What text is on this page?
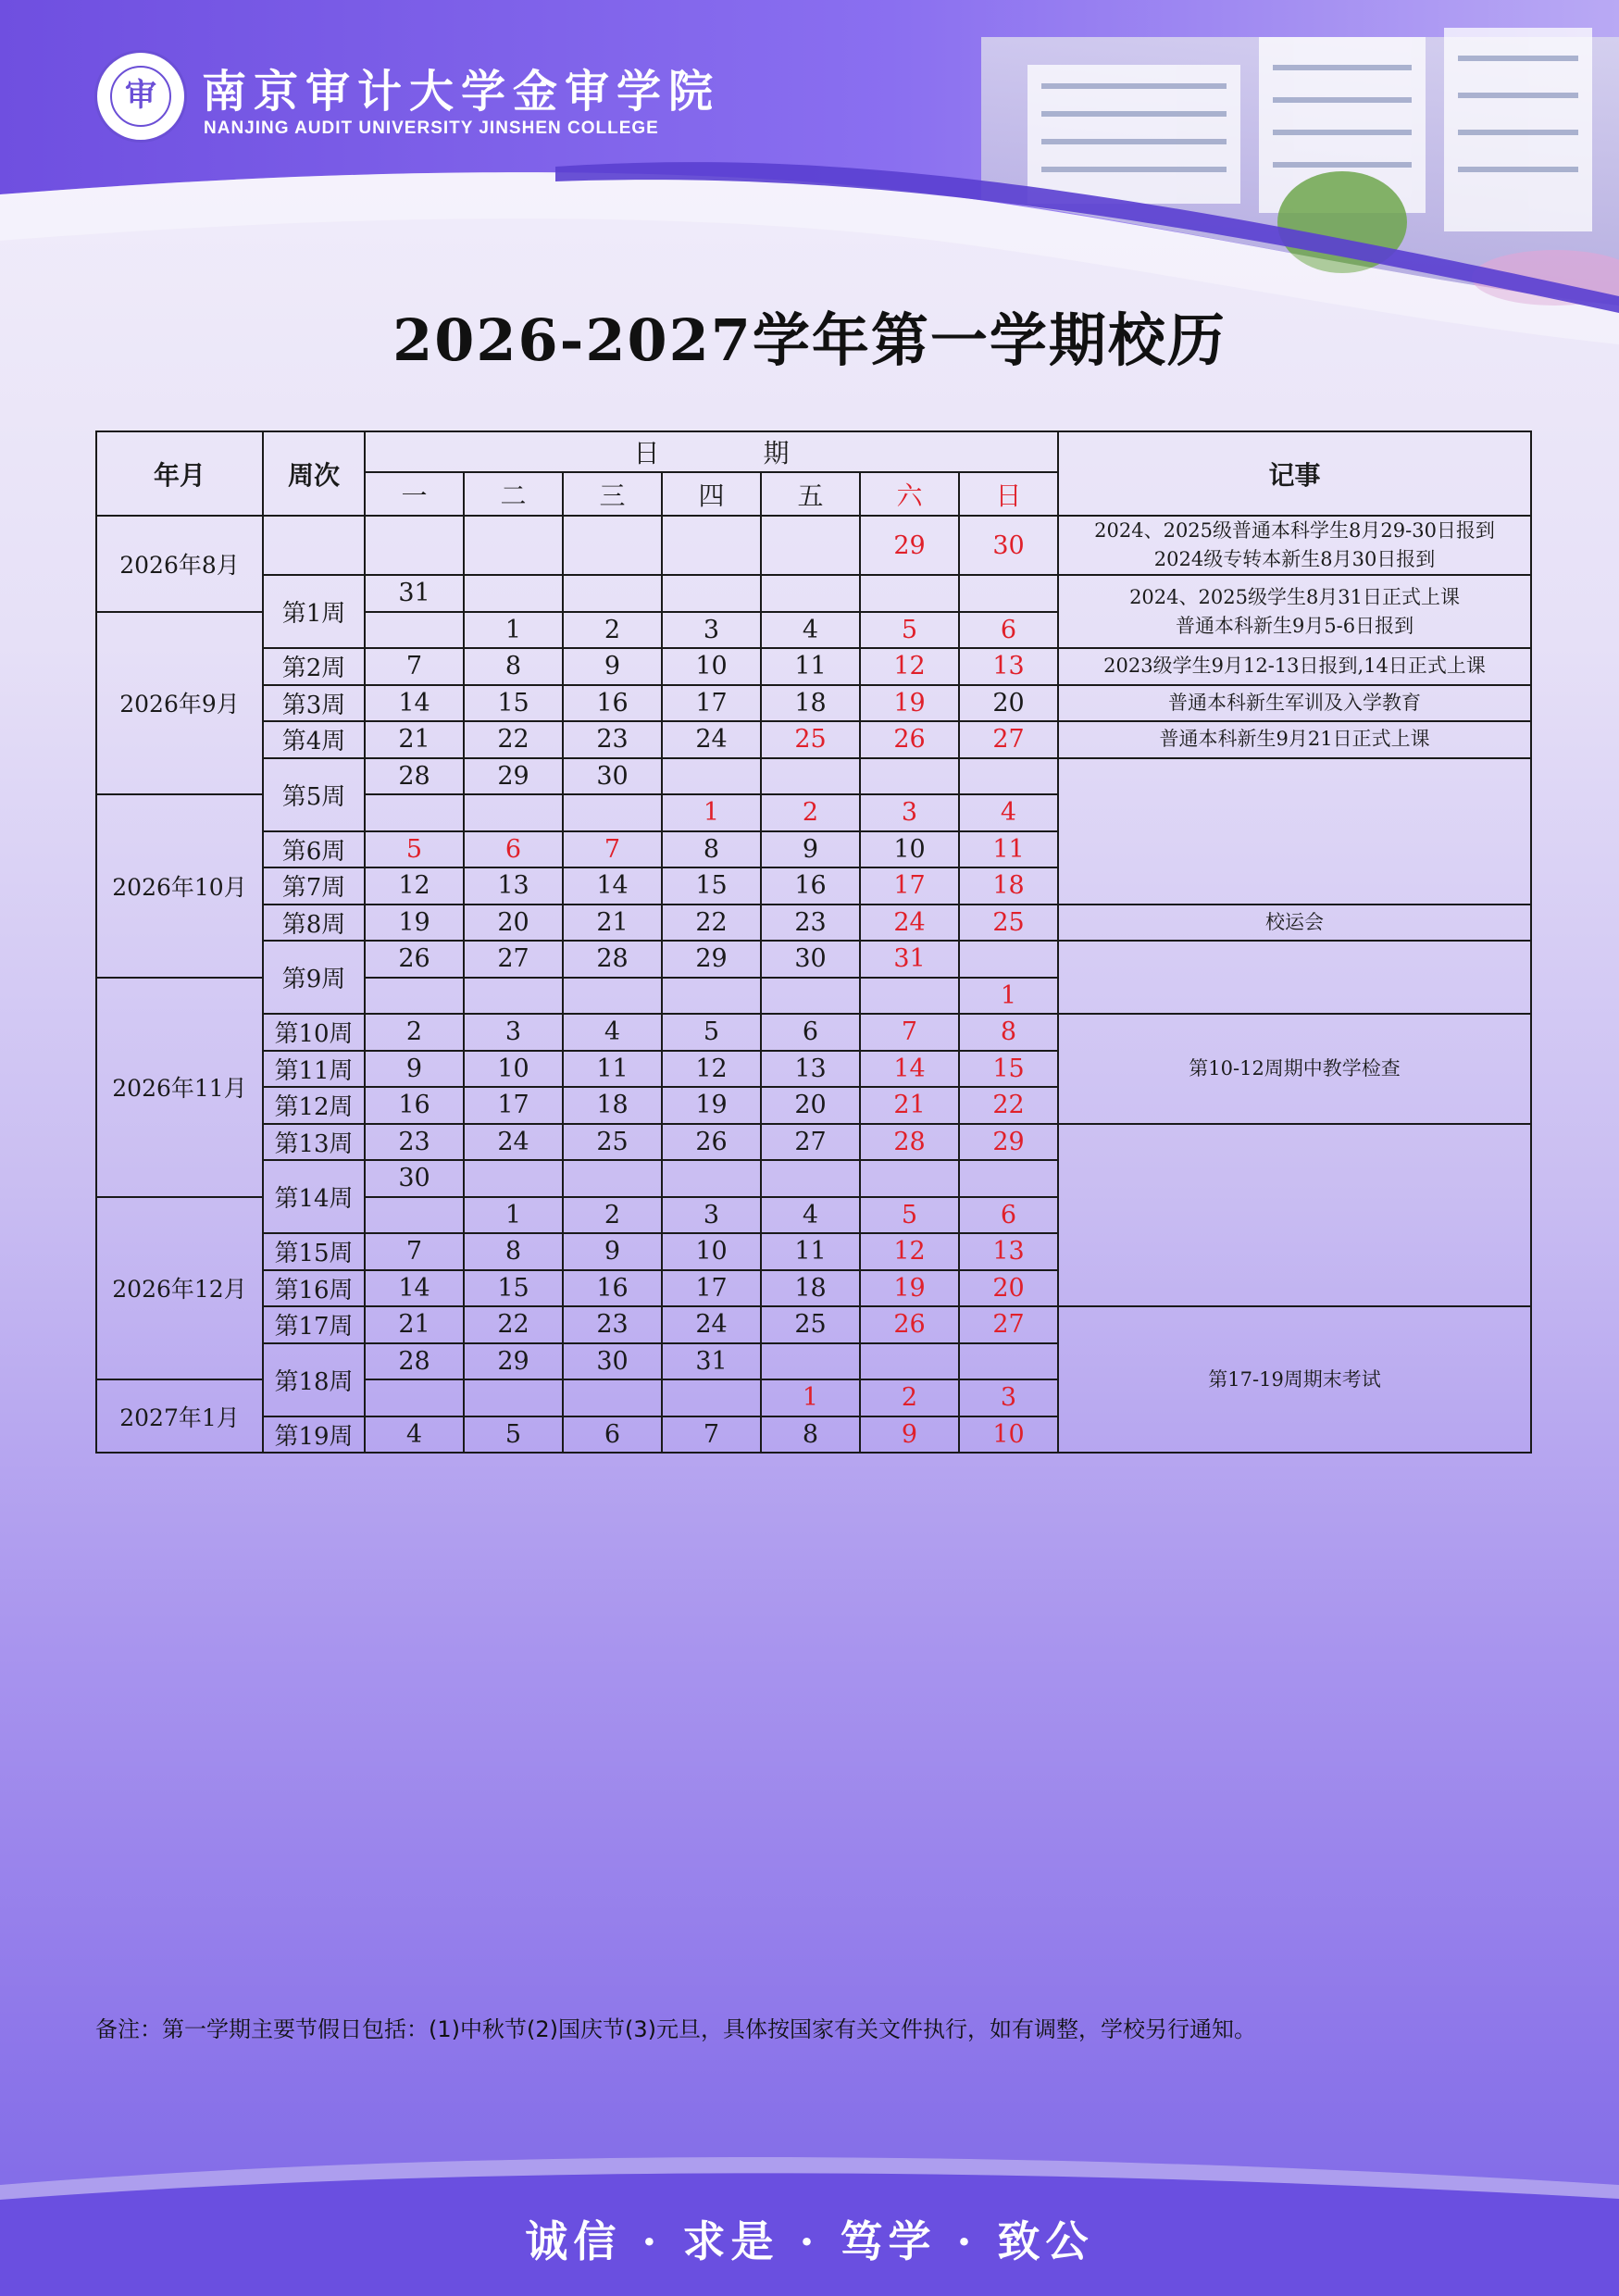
审	南京审计大学金审学院
NANJING AUDIT UNIVERSITY JINSHEN COLLEGE
2026-2027学年第一学期校历
年月	周次	日　　　　期							记事
		一	二	三	四	五	六	日	
2026年8月							29	30	2024、2025级普通本科学生8月29-30日报到
2024级专转本新生8月30日报到
	第1周	31							2024、2025级学生8月31日正式上课
普通本科新生9月5-6日报到
2026年9月			1	2	3	4	5	6	
	第2周	7	8	9	10	11	12	13	2023级学生9月12-13日报到,14日正式上课
	第3周	14	15	16	17	18	19	20	普通本科新生军训及入学教育
	第4周	21	22	23	24	25	26	27	普通本科新生9月21日正式上课
	第5周	28	29	30					
2026年10月					1	2	3	4	
	第6周	5	6	7	8	9	10	11	
	第7周	12	13	14	15	16	17	18	
	第8周	19	20	21	22	23	24	25	校运会
	第9周	26	27	28	29	30	31		
2026年11月								1	
	第10周	2	3	4	5	6	7	8	第10-12周期中教学检查
	第11周	9	10	11	12	13	14	15	
	第12周	16	17	18	19	20	21	22	
	第13周	23	24	25	26	27	28	29	
	第14周	30							
2026年12月			1	2	3	4	5	6	
	第15周	7	8	9	10	11	12	13	
	第16周	14	15	16	17	18	19	20	
	第17周	21	22	23	24	25	26	27	第17-19周期末考试
	第18周	28	29	30	31				
2027年1月						1	2	3	
	第19周	4	5	6	7	8	9	10	
备注：第一学期主要节假日包括：(1)中秋节(2)国庆节(3)元旦，具体按国家有关文件执行，如有调整，学校另行通知。
诚信 · 求是 · 笃学 · 致公
